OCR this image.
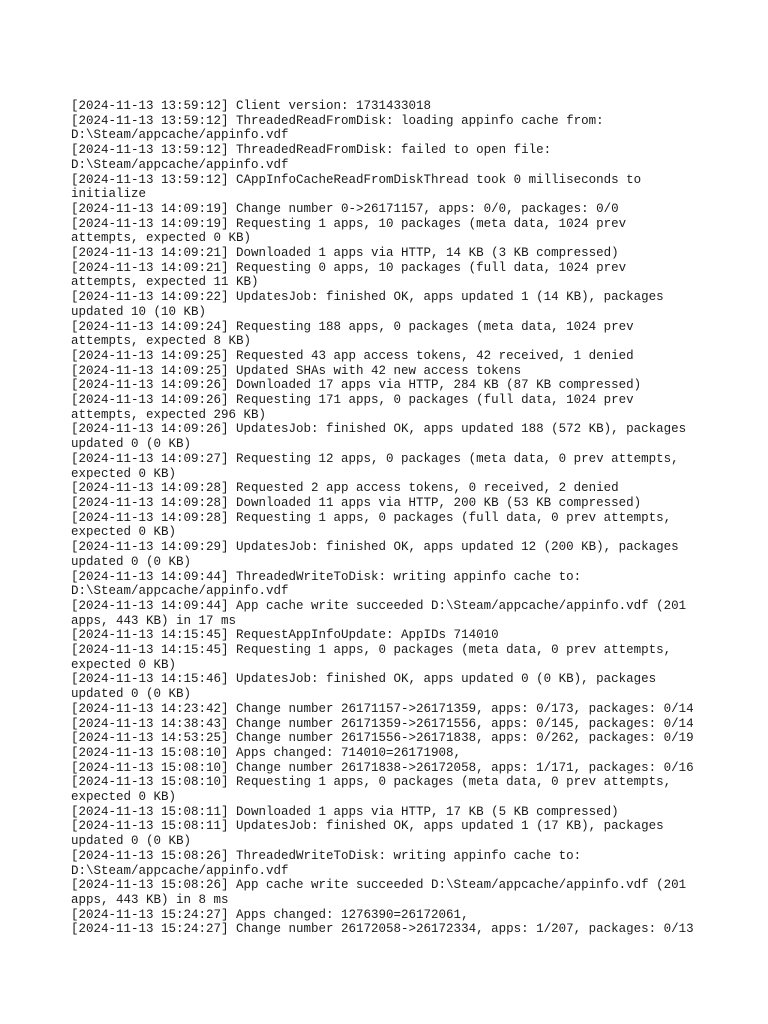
[2024-11-13 13:59:12] Client version: 1731433018
[2024-11-13 13:59:12] ThreadedReadFromDisk: loading appinfo cache from:
D:\Steam/appcache/appinfo.vdf
[2024-11-13 13:59:12] ThreadedReadFromDisk: failed to open file:
D:\Steam/appcache/appinfo.vdf
[2024-11-13 13:59:12] CAppInfoCacheReadFromDiskThread took 0 milliseconds to
initialize
[2024-11-13 14:09:19] Change number 0->26171157, apps: 0/0, packages: 0/0
[2024-11-13 14:09:19] Requesting 1 apps, 10 packages (meta data, 1024 prev
attempts, expected 0 KB)
[2024-11-13 14:09:21] Downloaded 1 apps via HTTP, 14 KB (3 KB compressed)
[2024-11-13 14:09:21] Requesting 0 apps, 10 packages (full data, 1024 prev
attempts, expected 11 KB)
[2024-11-13 14:09:22] UpdatesJob: finished OK, apps updated 1 (14 KB), packages
updated 10 (10 KB)
[2024-11-13 14:09:24] Requesting 188 apps, 0 packages (meta data, 1024 prev
attempts, expected 8 KB)
[2024-11-13 14:09:25] Requested 43 app access tokens, 42 received, 1 denied
[2024-11-13 14:09:25] Updated SHAs with 42 new access tokens
[2024-11-13 14:09:26] Downloaded 17 apps via HTTP, 284 KB (87 KB compressed)
[2024-11-13 14:09:26] Requesting 171 apps, 0 packages (full data, 1024 prev
attempts, expected 296 KB)
[2024-11-13 14:09:26] UpdatesJob: finished OK, apps updated 188 (572 KB), packages
updated 0 (0 KB)
[2024-11-13 14:09:27] Requesting 12 apps, 0 packages (meta data, 0 prev attempts,
expected 0 KB)
[2024-11-13 14:09:28] Requested 2 app access tokens, 0 received, 2 denied
[2024-11-13 14:09:28] Downloaded 11 apps via HTTP, 200 KB (53 KB compressed)
[2024-11-13 14:09:28] Requesting 1 apps, 0 packages (full data, 0 prev attempts,
expected 0 KB)
[2024-11-13 14:09:29] UpdatesJob: finished OK, apps updated 12 (200 KB), packages
updated 0 (0 KB)
[2024-11-13 14:09:44] ThreadedWriteToDisk: writing appinfo cache to:
D:\Steam/appcache/appinfo.vdf
[2024-11-13 14:09:44] App cache write succeeded D:\Steam/appcache/appinfo.vdf (201
apps, 443 KB) in 17 ms
[2024-11-13 14:15:45] RequestAppInfoUpdate: AppIDs 714010
[2024-11-13 14:15:45] Requesting 1 apps, 0 packages (meta data, 0 prev attempts,
expected 0 KB)
[2024-11-13 14:15:46] UpdatesJob: finished OK, apps updated 0 (0 KB), packages
updated 0 (0 KB)
[2024-11-13 14:23:42] Change number 26171157->26171359, apps: 0/173, packages: 0/14
[2024-11-13 14:38:43] Change number 26171359->26171556, apps: 0/145, packages: 0/14
[2024-11-13 14:53:25] Change number 26171556->26171838, apps: 0/262, packages: 0/19
[2024-11-13 15:08:10] Apps changed: 714010=26171908,
[2024-11-13 15:08:10] Change number 26171838->26172058, apps: 1/171, packages: 0/16
[2024-11-13 15:08:10] Requesting 1 apps, 0 packages (meta data, 0 prev attempts,
expected 0 KB)
[2024-11-13 15:08:11] Downloaded 1 apps via HTTP, 17 KB (5 KB compressed)
[2024-11-13 15:08:11] UpdatesJob: finished OK, apps updated 1 (17 KB), packages
updated 0 (0 KB)
[2024-11-13 15:08:26] ThreadedWriteToDisk: writing appinfo cache to:
D:\Steam/appcache/appinfo.vdf
[2024-11-13 15:08:26] App cache write succeeded D:\Steam/appcache/appinfo.vdf (201
apps, 443 KB) in 8 ms
[2024-11-13 15:24:27] Apps changed: 1276390=26172061,
[2024-11-13 15:24:27] Change number 26172058->26172334, apps: 1/207, packages: 0/13
